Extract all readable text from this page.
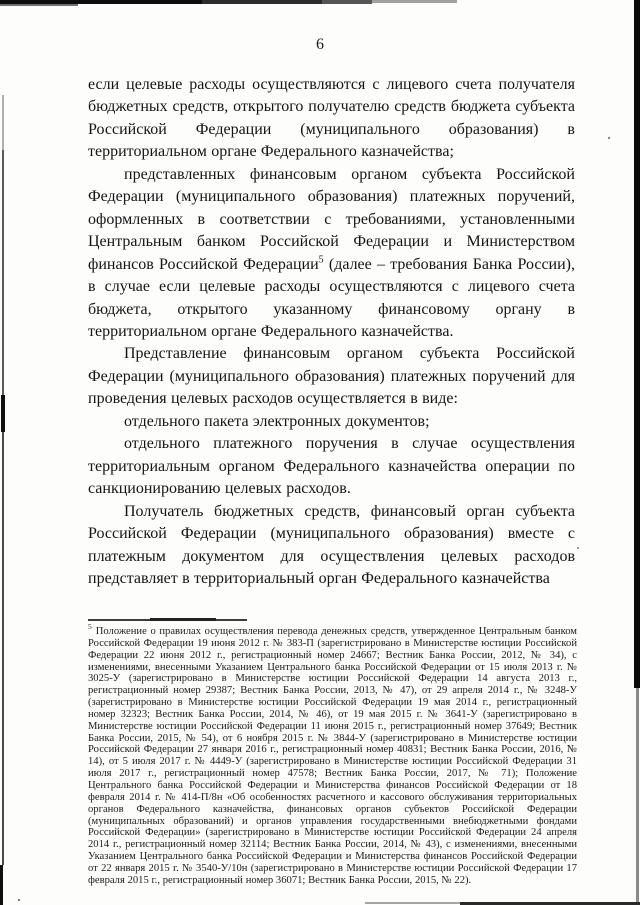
6

если целевые расходы осуществляются с лицевого счета получателя бюджетных средств, открытого получателю средств бюджета субъекта Российской Федерации (муниципального образования) в территориальном органе Федерального казначейства;

представленных финансовым органом субъекта Российской Федерации (муниципального образования) платежных поручений, оформленных в соответствии с требованиями, установленными Центральным банком Российской Федерации и Министерством финансов Российской Федерации$^5$ (далее – требования Банка России), в случае если целевые расходы осуществляются с лицевого счета бюджета, открытого указанному финансовому органу в территориальном органе Федерального казначейства.

Представление финансовым органом субъекта Российской Федерации (муниципального образования) платежных поручений для проведения целевых расходов осуществляется в виде:

отдельного пакета электронных документов;

отдельного платежного поручения в случае осуществления территориальным органом Федерального казначейства операции по санкционированию целевых расходов.

Получатель бюджетных средств, финансовый орган субъекта Российской Федерации (муниципального образования) вместе с платежным документом для осуществления целевых расходов представляет в территориальный орган Федерального казначейства

$^5$ Положение о правилах осуществления перевода денежных средств, утвержденное Центральным банком Российской Федерации 19 июня 2012 г. № 383-П (зарегистрировано в Министерстве юстиции Российской Федерации 22 июня 2012 г., регистрационный номер 24667; Вестник Банка России, 2012, № 34), с изменениями, внесенными Указанием Центрального банка Российской Федерации от 15 июля 2013 г. № 3025-У (зарегистрировано в Министерстве юстиции Российской Федерации 14 августа 2013 г., регистрационный номер 29387; Вестник Банка России, 2013, № 47), от 29 апреля 2014 г., № 3248-У (зарегистрировано в Министерстве юстиции Российской Федерации 19 мая 2014 г., регистрационный номер 32323; Вестник Банка России, 2014, № 46), от 19 мая 2015 г. № 3641-У (зарегистрировано в Министерстве юстиции Российской Федерации 11 июня 2015 г., регистрационный номер 37649; Вестник Банка России, 2015, № 54), от 6 ноября 2015 г. № 3844-У (зарегистрировано в Министерстве юстиции Российской Федерации 27 января 2016 г., регистрационный номер 40831; Вестник Банка России, 2016, № 14), от 5 июля 2017 г. № 4449-У (зарегистрировано в Министерстве юстиции Российской Федерации 31 июля 2017 г., регистрационный номер 47578; Вестник Банка России, 2017, № 71); Положение Центрального банка Российской Федерации и Министерства финансов Российской Федерации от 18 февраля 2014 г. № 414-П/8н «Об особенностях расчетного и кассового обслуживания территориальных органов Федерального казначейства, финансовых органов субъектов Российской Федерации (муниципальных образований) и органов управления государственными внебюджетными фондами Российской Федерации» (зарегистрировано в Министерстве юстиции Российской Федерации 24 апреля 2014 г., регистрационный номер 32114; Вестник Банка России, 2014, № 43), с изменениями, внесенными Указанием Центрального банка Российской Федерации и Министерства финансов Российской Федерации от 22 января 2015 г. № 3540-У/10н (зарегистрировано в Министерстве юстиции Российской Федерации 17 февраля 2015 г., регистрационный номер 36071; Вестник Банка России, 2015, № 22).
